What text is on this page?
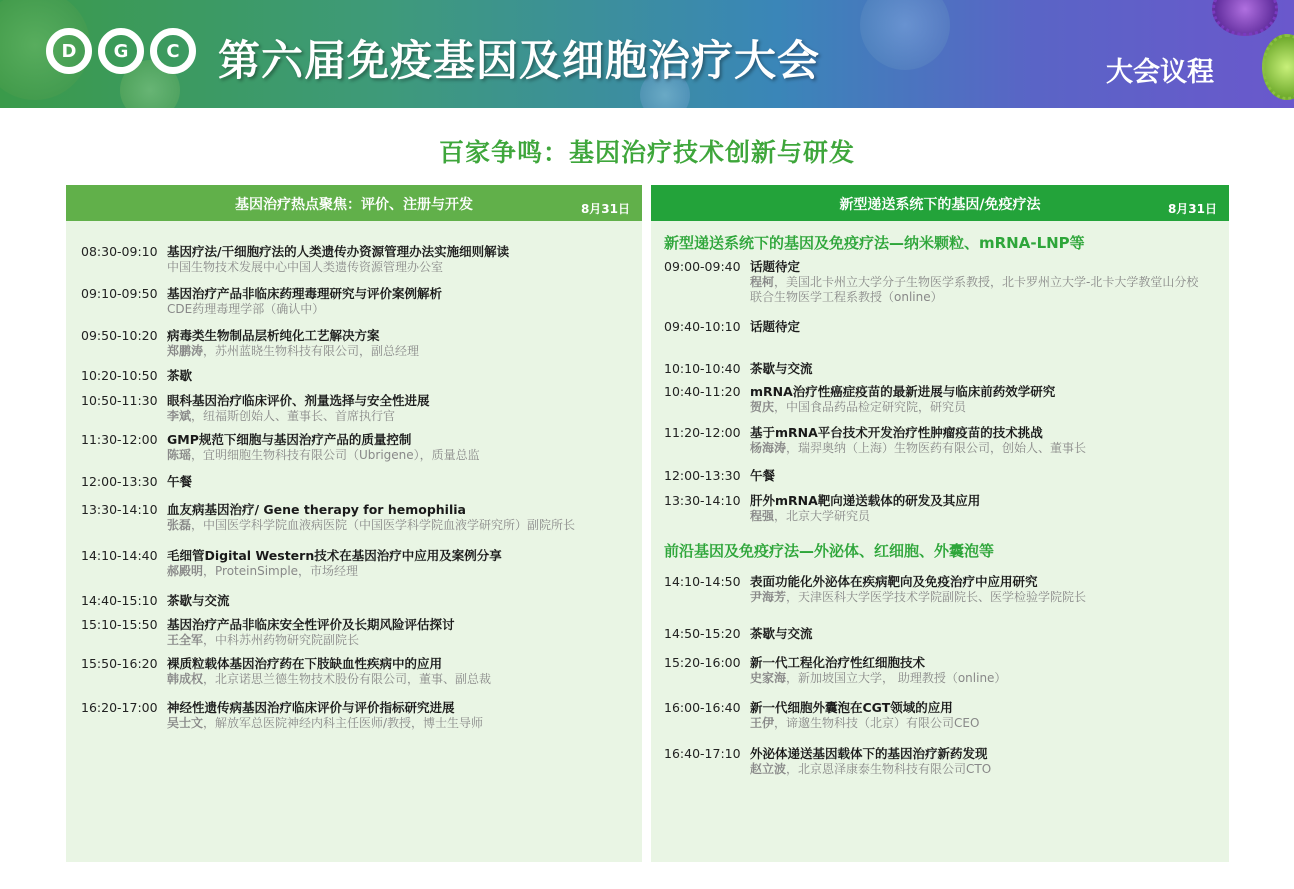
D	G	C 第六届免疫基因及细胞治疗大会	大会议程
百家争鸣：基因治疗技术创新与研发
基因治疗热点聚焦：评价、注册与开发	8月31日
08:30-09:10 基因疗法/干细胞疗法的人类遗传办资源管理办法实施细则解读
中国生物技术发展中心中国人类遗传资源管理办公室
09:10-09:50 基因治疗产品非临床药理毒理研究与评价案例解析
CDE药理毒理学部（确认中）
09:50-10:20 病毒类生物制品层析纯化工艺解决方案
郑鹏涛，苏州蓝晓生物科技有限公司，副总经理
10:20-10:50 茶歇
10:50-11:30 眼科基因治疗临床评价、剂量选择与安全性进展
李斌，纽福斯创始人、董事长、首席执行官
11:30-12:00 GMP规范下细胞与基因治疗产品的质量控制
陈瑶，宜明细胞生物科技有限公司（Ubrigene），质量总监
12:00-13:30 午餐
13:30-14:10 血友病基因治疗/ Gene therapy for hemophilia
张磊，中国医学科学院血液病医院（中国医学科学院血液学研究所）副院所长
14:10-14:40 毛细管Digital Western技术在基因治疗中应用及案例分享
郝殿明，ProteinSimple，市场经理
14:40-15:10 茶歇与交流
15:10-15:50 基因治疗产品非临床安全性评价及长期风险评估探讨
王全军，中科苏州药物研究院副院长
15:50-16:20 裸质粒载体基因治疗药在下肢缺血性疾病中的应用
韩成权，北京诺思兰德生物技术股份有限公司，董事、副总裁
16:20-17:00 神经性遗传病基因治疗临床评价与评价指标研究进展
吴士文，解放军总医院神经内科主任医师/教授，博士生导师
新型递送系统下的基因/免疫疗法	8月31日
新型递送系统下的基因及免疫疗法—纳米颗粒、mRNA-LNP等
前沿基因及免疫疗法—外泌体、红细胞、外囊泡等
09:00-09:40 话题待定
程柯，美国北卡州立大学分子生物医学系教授，北卡罗州立大学-北卡大学教堂山分校
联合生物医学工程系教授（online）
09:40-10:10 话题待定
10:10-10:40 茶歇与交流
10:40-11:20 mRNA治疗性癌症疫苗的最新进展与临床前药效学研究
贺庆，中国食品药品检定研究院，研究员
11:20-12:00 基于mRNA平台技术开发治疗性肿瘤疫苗的技术挑战
杨海涛，瑞羿奥纳（上海）生物医药有限公司，创始人、董事长
12:00-13:30 午餐
13:30-14:10 肝外mRNA靶向递送载体的研发及其应用
程强，北京大学研究员
14:10-14:50 表面功能化外泌体在疾病靶向及免疫治疗中应用研究
尹海芳，天津医科大学医学技术学院副院长、医学检验学院院长
14:50-15:20 茶歇与交流
15:20-16:00 新一代工程化治疗性红细胞技术
史家海，新加坡国立大学， 助理教授（online）
16:00-16:40 新一代细胞外囊泡在CGT领域的应用
王伊，谛邈生物科技（北京）有限公司CEO
16:40-17:10 外泌体递送基因载体下的基因治疗新药发现
赵立波，北京恩泽康泰生物科技有限公司CTO
